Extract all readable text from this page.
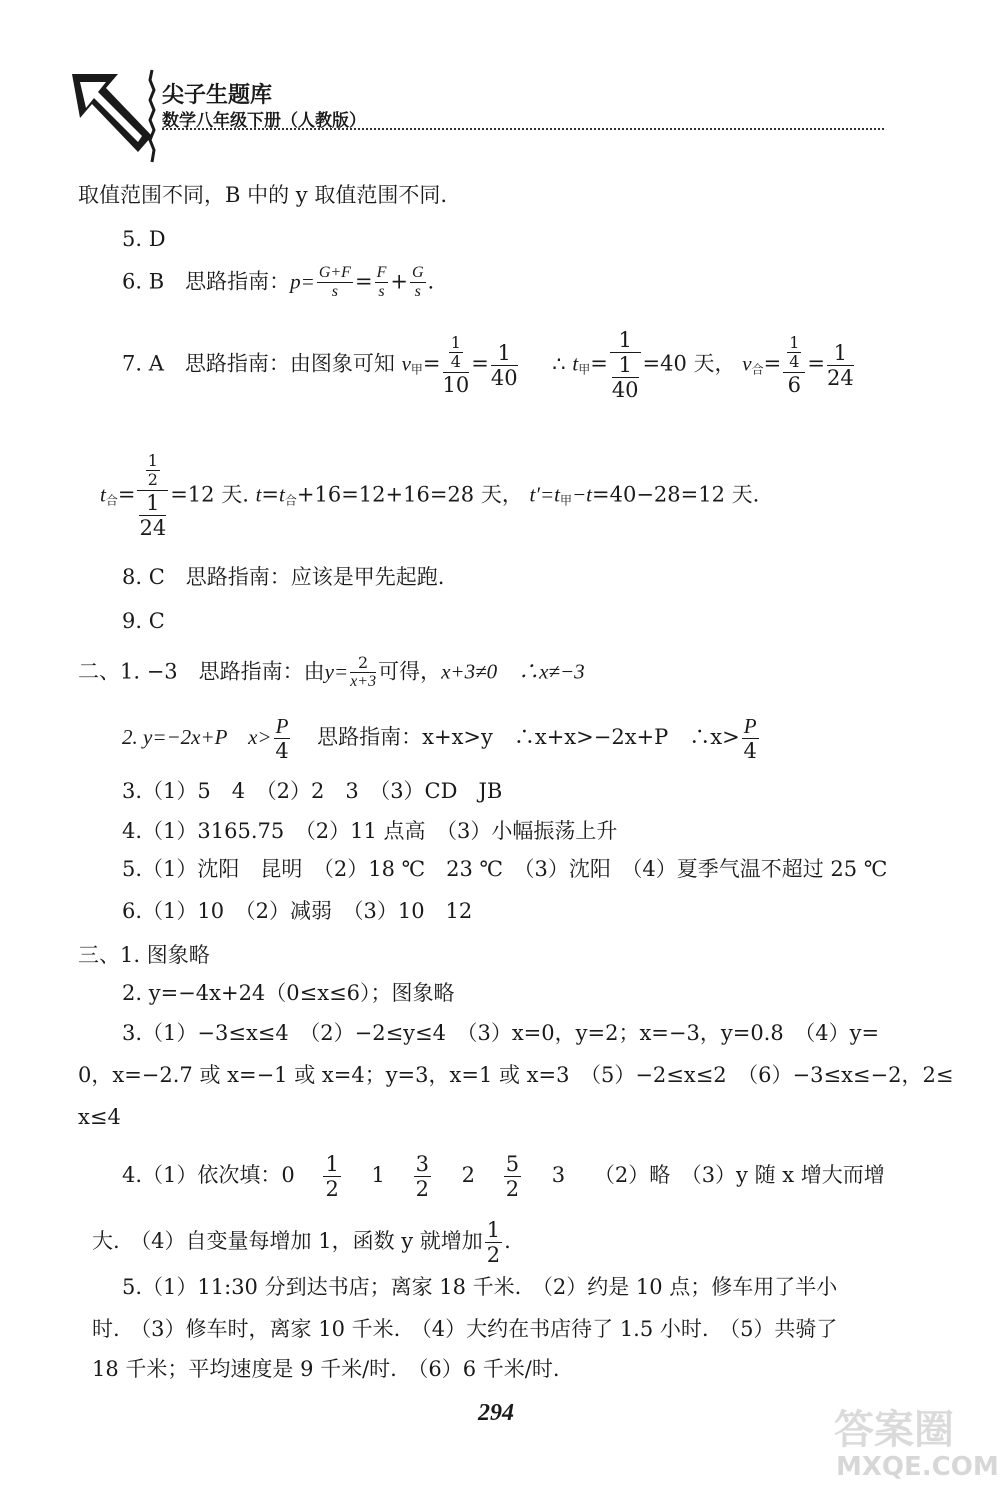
尖子生题库
数学八年级下册（人教版）
取值范围不同，B 中的 y 取值范围不同.
5. D
6. B　思路指南：$p= \frac{G+F}{s} = \frac{F}{s} + \frac{G}{s}$ .
7. A　思路指南：由图象可知 $v_甲= \frac{\frac{1}{4}}{10} = \frac{1}{40}$ ∴ $t_甲= \frac{1}{\frac{1}{40}} =40$ 天， $v_合= \frac{\frac{1}{4}}{6} = \frac{1}{24}$
$t_合= \frac{\frac{1}{2}}{\frac{1}{24}} =12$ 天. $t=t_合+16=12+16=28$ 天， $t'=t_甲-t=40-28=12$ 天.
8. C　思路指南：应该是甲先起跑.
9. C
二、1. −3　思路指南：由$y= \frac{2}{x+3}$ 可得，x+3≠0　∴x≠−3
2. y=−2x+P　$x> \frac{P}{4}$ 思路指南：x+x>y　∴x+x>−2x+P　∴x> $\frac{P}{4}$
3.（1）5　4　（2）2　3　（3）CD　JB
4.（1）3165.75　（2）11 点高　（3）小幅振荡上升
5.（1）沈阳　昆明　（2）18 ℃　23 ℃　（3）沈阳　（4）夏季气温不超过 25 ℃
6.（1）10　（2）减弱　（3）10　12
三、1. 图象略
2. y=−4x+24（0≤x≤6）；图象略
3.（1）−3≤x≤4　（2）−2≤y≤4　（3）x=0，y=2；x=−3，y=0.8　（4）y=
0，x=−2.7 或 x=−1 或 x=4；y=3，x=1 或 x=3　（5）−2≤x≤2　（6）−3≤x≤−2，2≤
x≤4
4.（1）依次填：$0 \frac{1}{2} 1 \frac{3}{2} 2 \frac{5}{2} 3$ （2）略　（3）y 随 x 增大而增
大.　（4）自变量每增加 1，函数 y 就增加 $\frac{1}{2}$ .
5.（1）11:30 分到达书店；离家 18 千米.　（2）约是 10 点；修车用了半小
时.　（3）修车时，离家 10 千米.　（4）大约在书店待了 1.5 小时.　（5）共骑了
18 千米；平均速度是 9 千米/时.　（6）6 千米/时.
294	答案圈
MXQE.COM
